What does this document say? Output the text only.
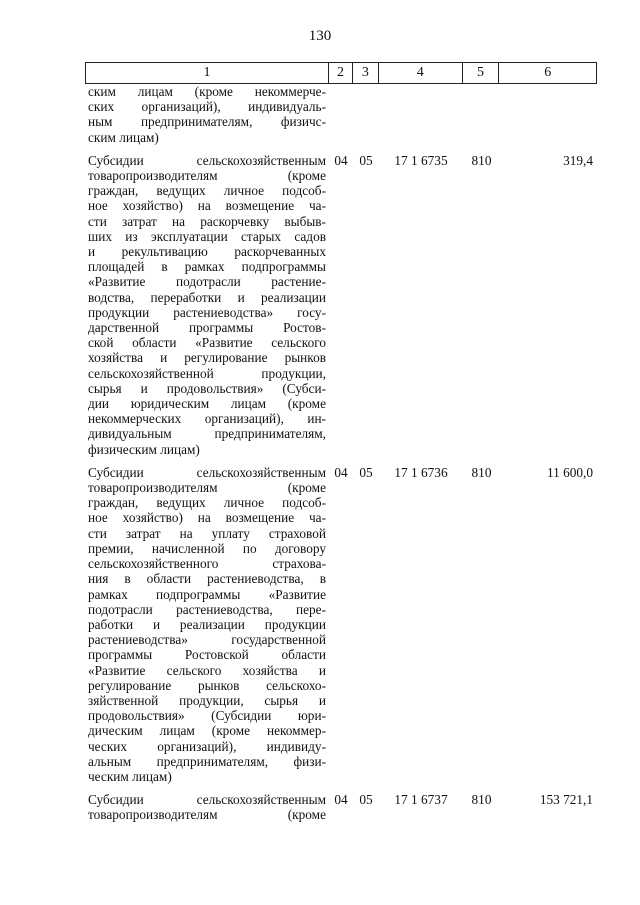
130
1	2	3	4	5	6
ским лицам (кроме некоммерче-
ских организаций), индивидуаль-
ным предпринимателям, физичс-
ским лицам)
Субсидии сельскохозяйственным
товаропроизводителям (кроме
граждан, ведущих личное подсоб-
ное хозяйство) на возмещение ча-
сти затрат на раскорчевку выбыв-
ших из эксплуатации старых садов
и рекультивацию раскорчеванных
площадей в рамках подпрограммы
«Развитие подотрасли растение-
водства, переработки и реализации
продукции растениеводства» госу-
дарственной программы Ростов-
ской области «Развитие сельского
хозяйства и регулирование рынков
сельскохозяйственной продукции,
сырья и продовольствия» (Субси-
дии юридическим лицам (кроме
некоммерческих организаций), ин-
дивидуальным предпринимателям,
физическим лицам)
04 05	17 1 6735	810	319,4
Субсидии сельскохозяйственным
товаропроизводителям (кроме
граждан, ведущих личное подсоб-
ное хозяйство) на возмещение ча-
сти затрат на уплату страховой
премии, начисленной по договору
сельскохозяйственного страхова-
ния в области растениеводства, в
рамках подпрограммы «Развитие
подотрасли растениеводства, пере-
работки и реализации продукции
растениеводства» государственной
программы Ростовской области
«Развитие сельского хозяйства и
регулирование рынков сельскохо-
зяйственной продукции, сырья и
продовольствия» (Субсидии юри-
дическим лицам (кроме некоммер-
ческих организаций), индивиду-
альным предпринимателям, физи-
ческим лицам)
04 05	17 1 6736	810	11 600,0
Субсидии сельскохозяйственным
товаропроизводителям (кроме
04 05	17 1 6737	810	153 721,1
